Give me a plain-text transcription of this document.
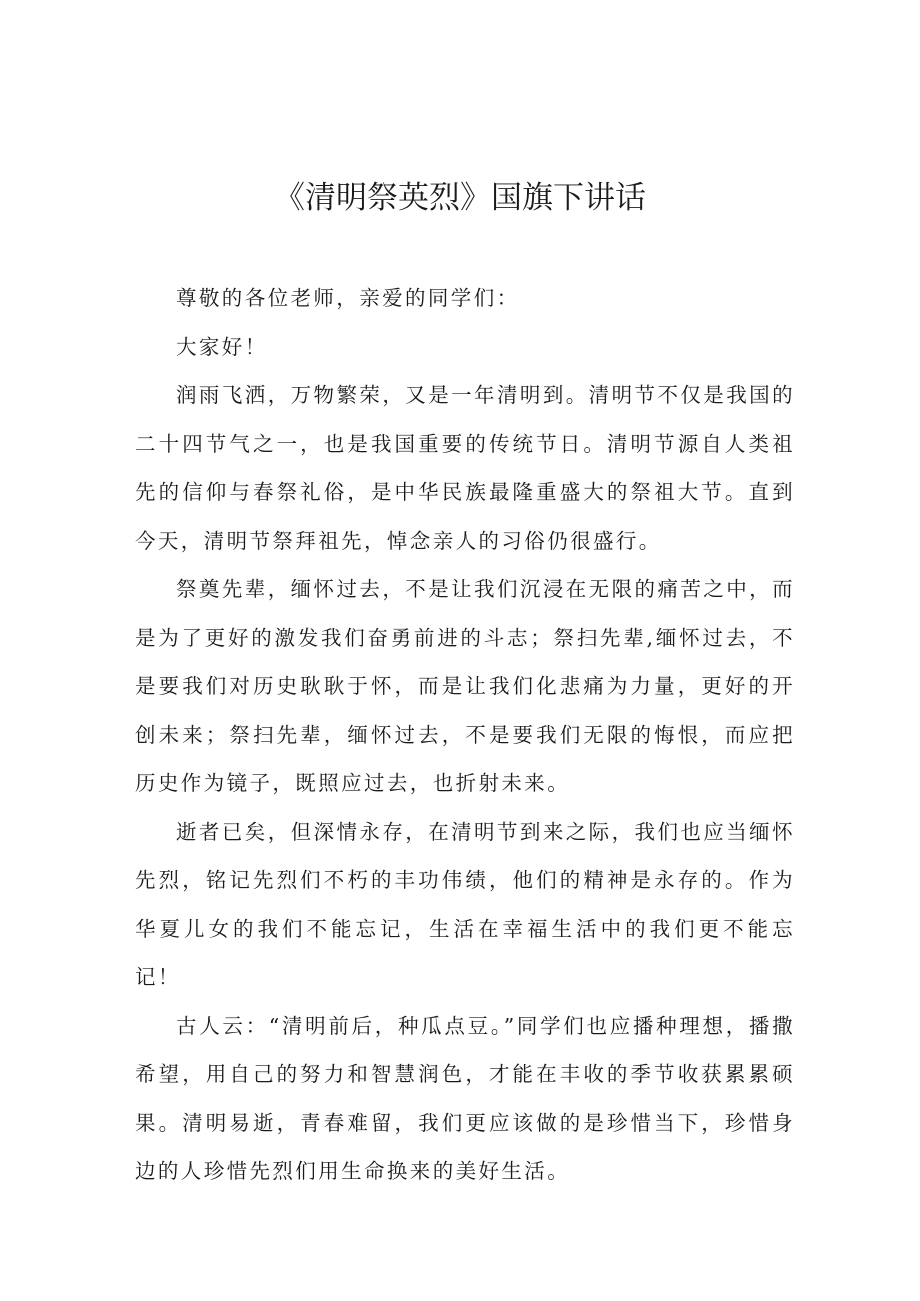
《清明祭英烈》国旗下讲话

尊敬的各位老师，亲爱的同学们：

大家好！

润雨飞洒，万物繁荣，又是一年清明到。清明节不仅是我国的二十四节气之一，也是我国重要的传统节日。清明节源自人类祖先的信仰与春祭礼俗，是中华民族最隆重盛大的祭祖大节。直到今天，清明节祭拜祖先，悼念亲人的习俗仍很盛行。

祭奠先辈，缅怀过去，不是让我们沉浸在无限的痛苦之中，而是为了更好的激发我们奋勇前进的斗志；祭扫先辈,缅怀过去，不是要我们对历史耿耿于怀，而是让我们化悲痛为力量，更好的开创未来；祭扫先辈，缅怀过去，不是要我们无限的悔恨，而应把历史作为镜子，既照应过去，也折射未来。

逝者已矣，但深情永存，在清明节到来之际，我们也应当缅怀先烈，铭记先烈们不朽的丰功伟绩，他们的精神是永存的。作为华夏儿女的我们不能忘记，生活在幸福生活中的我们更不能忘记！

古人云：“清明前后，种瓜点豆。”同学们也应播种理想，播撒希望，用自己的努力和智慧润色，才能在丰收的季节收获累累硕果。清明易逝，青春难留，我们更应该做的是珍惜当下，珍惜身边的人珍惜先烈们用生命换来的美好生活。
